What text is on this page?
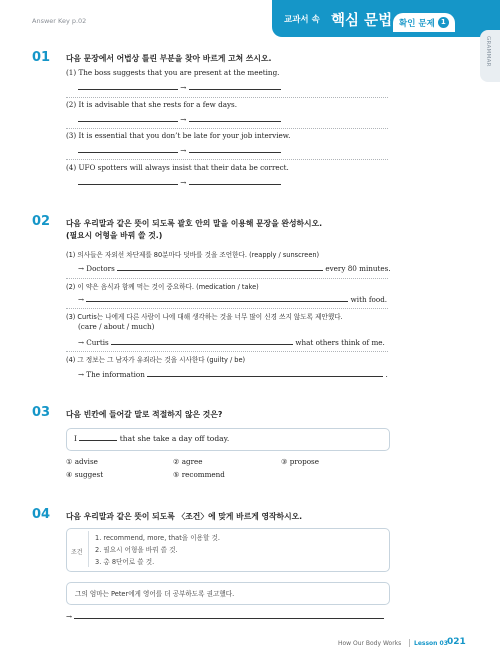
Answer Key p.02	교과서 속 핵심 문법 확인 문제 1
GRAMMAR
01 다음 문장에서 어법상 틀린 부분을 찾아 바르게 고쳐 쓰시오.
(1) The boss suggests that you are present at the meeting.
→
(2) It is advisable that she rests for a few days.
→
(3) It is essential that you don’t be late for your job interview.
→
(4) UFO spotters will always insist that their data be correct.
→
02 다음 우리말과 같은 뜻이 되도록 괄호 안의 말을 이용해 문장을 완성하시오.
(필요시 어형을 바꿔 쓸 것.)
(1) 의사들은 자외선 차단제를 80분마다 덧바를 것을 조언한다. (reapply / sunscreen)
→ Doctors	every 80 minutes.
(2) 이 약은 음식과 함께 먹는 것이 중요하다. (medication / take)
→	with food.
(3) Curtis는 나에게 다른 사람이 나에 대해 생각하는 것을 너무 많이 신경 쓰지 않도록 제안했다.
(care / about / much)
→ Curtis	what others think of me.
(4) 그 정보는 그 남자가 유죄라는 것을 시사한다 (guilty / be)
→ The information	.
03 다음 빈칸에 들어갈 말로 적절하지 않은 것은?
I	that she take a day off today.
① advise	② agree	③ propose
④ suggest	⑤ recommend
04 다음 우리말과 같은 뜻이 되도록 〈조건〉에 맞게 바르게 영작하시오.
조건
1. recommend, more, that을 이용할 것.
2. 필요시 어형을 바꿔 쓸 것.
3. 총 8단어로 쓸 것.
그의 엄마는 Peter에게 영어를 더 공부하도록 권고했다.
→
How Our Body Works Lesson 03 021
